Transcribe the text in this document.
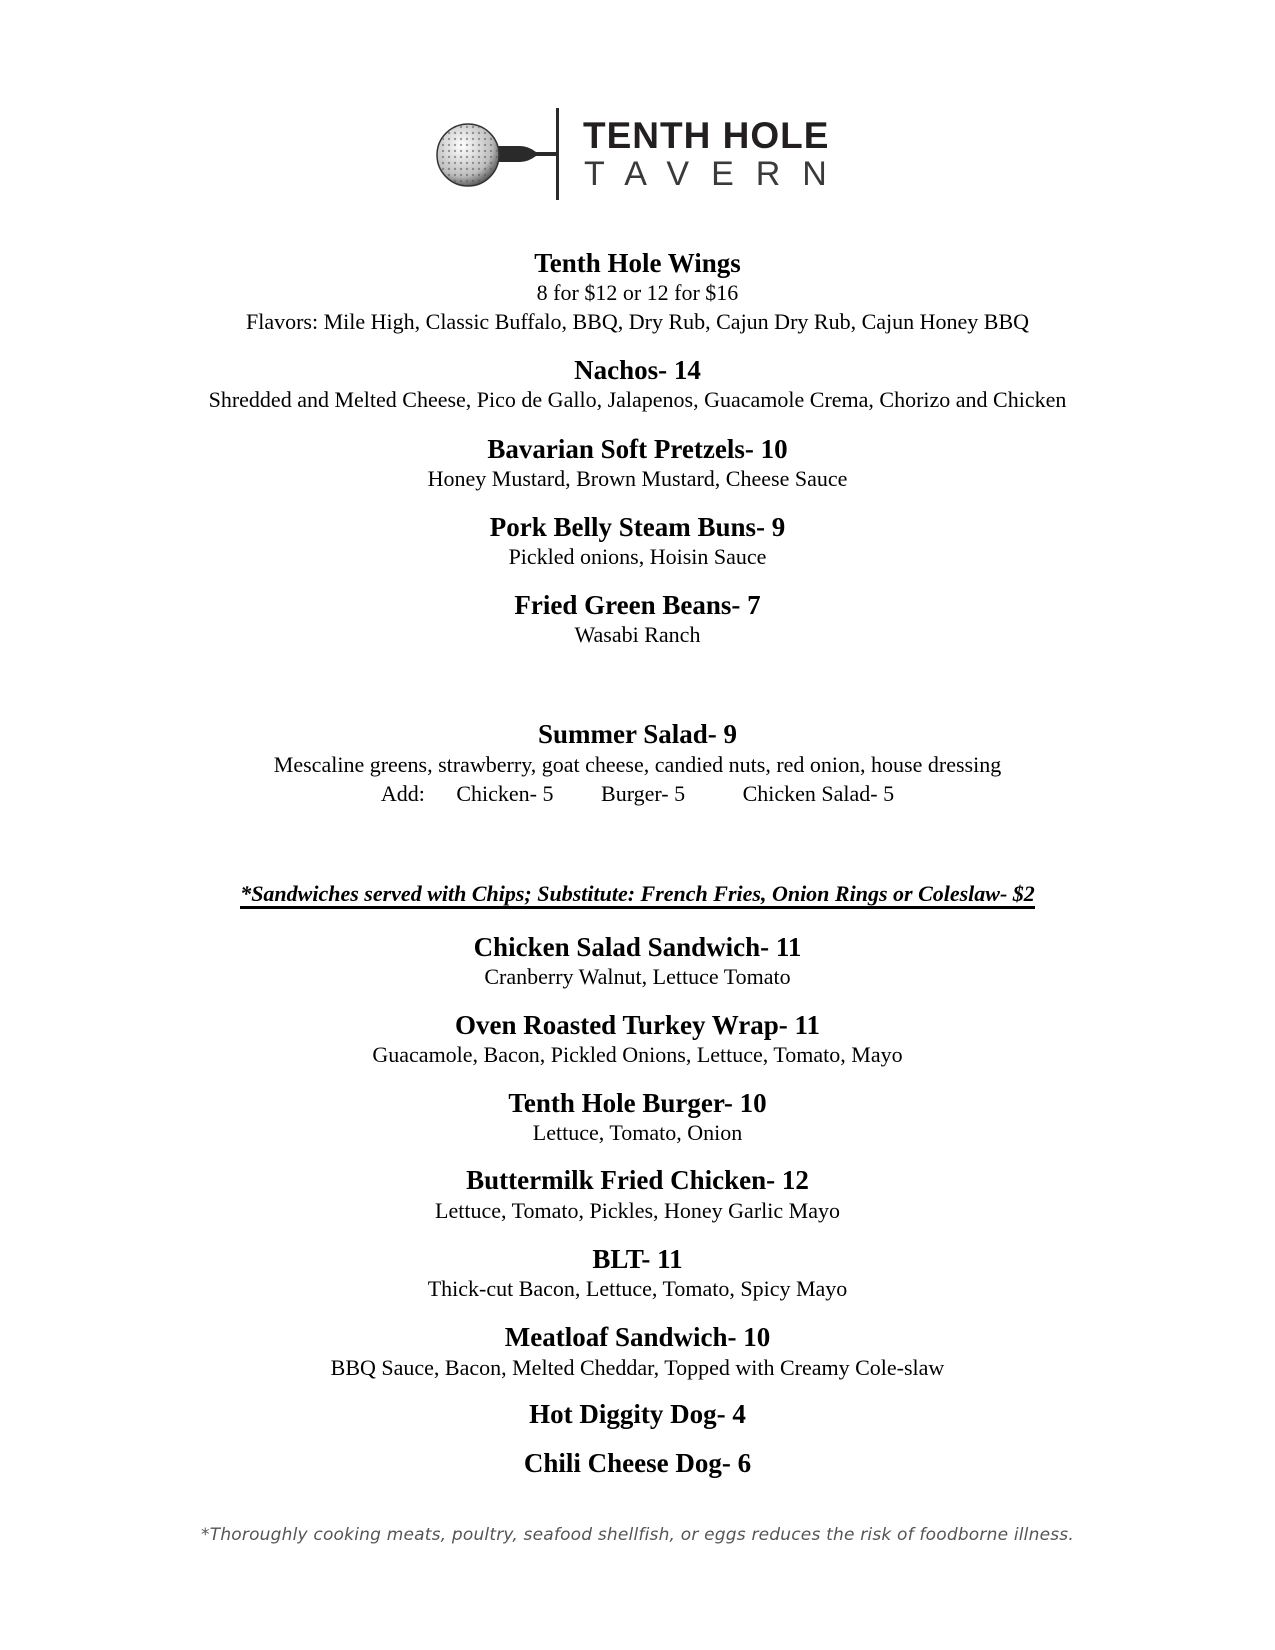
TENTH HOLE
TAVERN
Tenth Hole Wings
8 for $12 or 12 for $16
Flavors: Mile High, Classic Buffalo, BBQ, Dry Rub, Cajun Dry Rub, Cajun Honey BBQ
Nachos- 14
Shredded and Melted Cheese, Pico de Gallo, Jalapenos, Guacamole Crema, Chorizo and Chicken
Bavarian Soft Pretzels- 10
Honey Mustard, Brown Mustard, Cheese Sauce
Pork Belly Steam Buns- 9
Pickled onions, Hoisin Sauce
Fried Green Beans- 7
Wasabi Ranch
Summer Salad- 9
Mescaline greens, strawberry, goat cheese, candied nuts, red onion, house dressing
Add: Chicken- 5 Burger- 5	Chicken Salad- 5
*Sandwiches served with Chips; Substitute: French Fries, Onion Rings or Coleslaw- $2
Chicken Salad Sandwich- 11
Cranberry Walnut, Lettuce Tomato
Oven Roasted Turkey Wrap- 11
Guacamole, Bacon, Pickled Onions, Lettuce, Tomato, Mayo
Tenth Hole Burger- 10
Lettuce, Tomato, Onion
Buttermilk Fried Chicken- 12
Lettuce, Tomato, Pickles, Honey Garlic Mayo
BLT- 11
Thick-cut Bacon, Lettuce, Tomato, Spicy Mayo
Meatloaf Sandwich- 10
BBQ Sauce, Bacon, Melted Cheddar, Topped with Creamy Cole-slaw
Hot Diggity Dog- 4
Chili Cheese Dog- 6
*Thoroughly cooking meats, poultry, seafood shellfish, or eggs reduces the risk of foodborne illness.
